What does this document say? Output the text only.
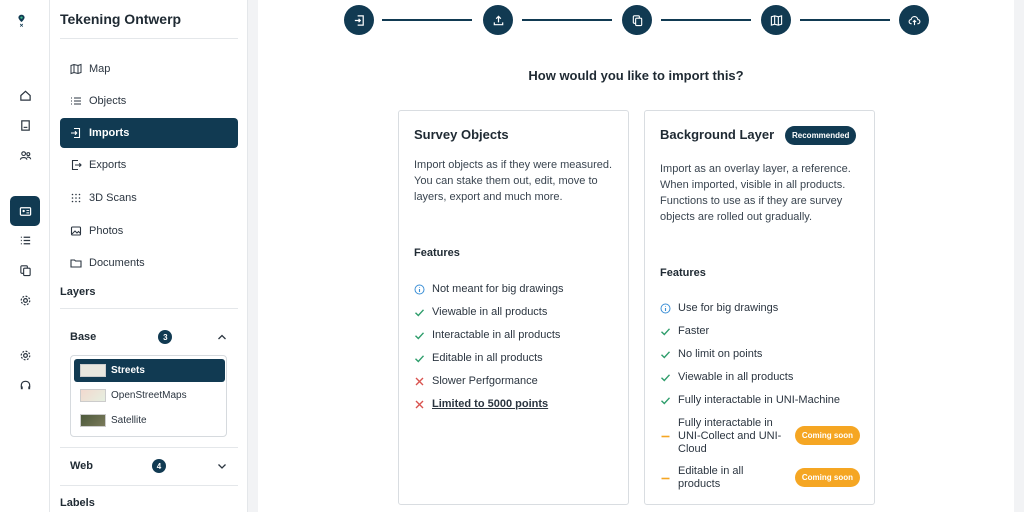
Tekening Ontwerp
Map
Objects
Imports
Exports
3D Scans
Photos
Documents
Layers
Base	3
Streets
OpenStreetMaps
Satellite
Web	4
Labels
How would you like to import this?
Survey Objects
Import objects as if they were measured. You can stake them out, edit, move to layers, export and much more.
Features
Not meant for big drawings
Viewable in all products
Interactable in all products
Editable in all products
Slower Perfgormance
Limited to 5000 points
Background Layer	Recommended
Import as an overlay layer, a reference. When imported, visible in all products. Functions to use as if they are survey objects are rolled out gradually.
Features
Use for big drawings
Faster
No limit on points
Viewable in all products
Fully interactable in UNI-Machine
Fully interactable in UNI-Collect and UNI-Cloud
Coming soon
Editable in all products
Coming soon
